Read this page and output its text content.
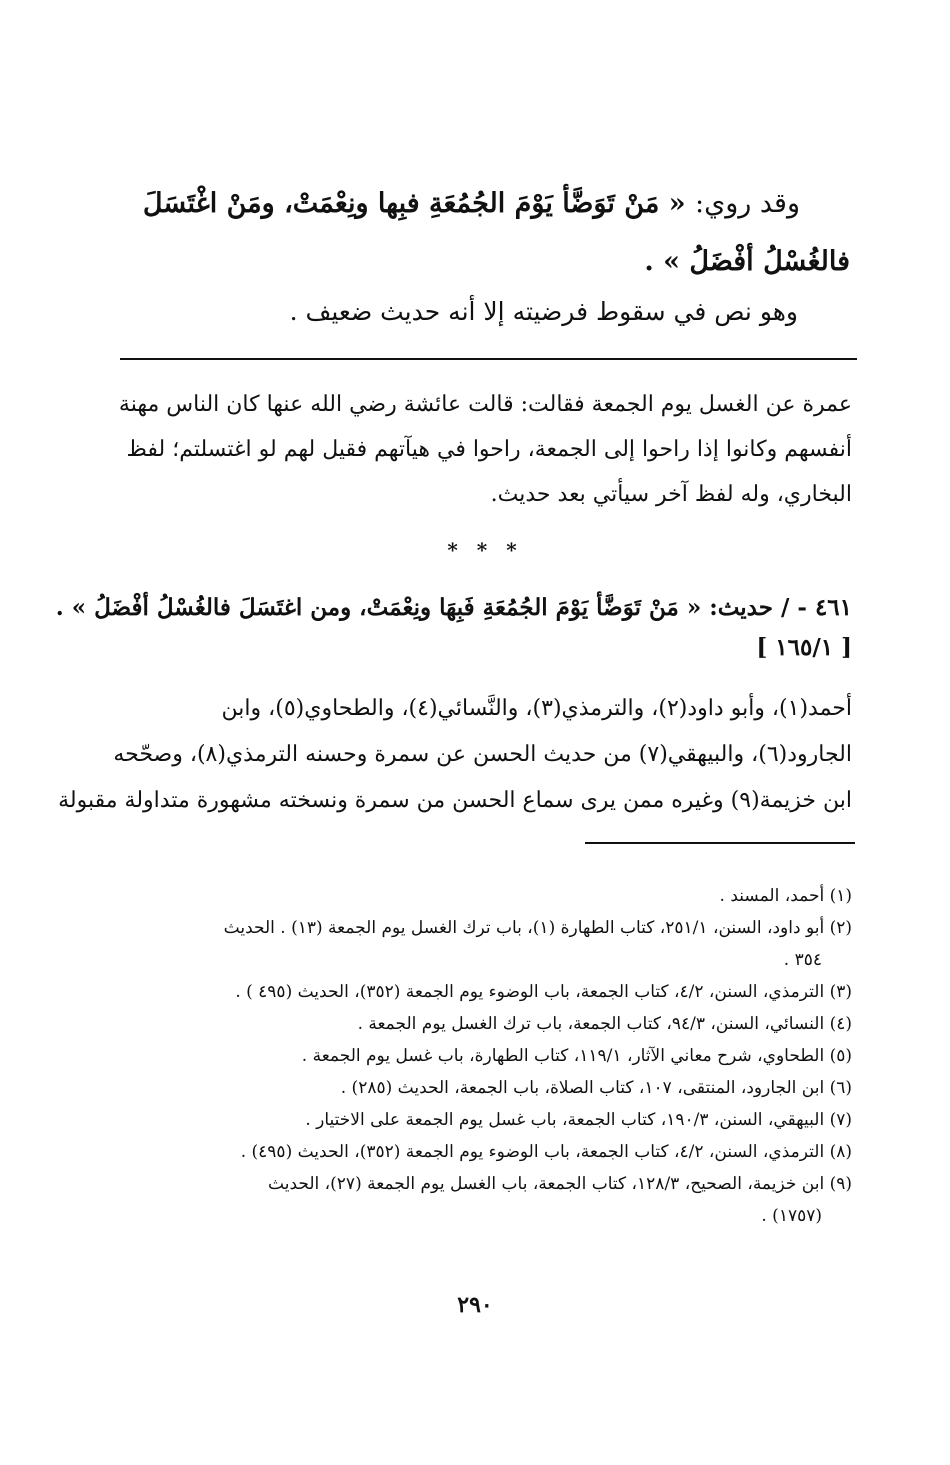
وقد روي: « مَنْ تَوَضَّأ يَوْمَ الجُمُعَةِ فبِها ونِعْمَتْ، ومَنْ اغْتَسَلَ
فالغُسْلُ أفْضَلُ » .
وهو نص في سقوط فرضيته إلا أنه حديث ضعيف .
عمرة عن الغسل يوم الجمعة فقالت: قالت عائشة رضي الله عنها كان الناس مهنة
أنفسهم وكانوا إذا راحوا إلى الجمعة، راحوا في هيآتهم فقيل لهم لو اغتسلتم؛ لفظ
البخاري، وله لفظ آخر سيأتي بعد حديث.
* * *
٤٦١ - / حديث: « مَنْ تَوَضَّأ يَوْمَ الجُمُعَةِ فَبِهَا ونِعْمَتْ، ومن اغتَسَلَ فالغُسْلُ أفْضَلُ » .
[ ١٦٥/١ ]
أحمد(١)، وأبو داود(٢)، والترمذي(٣)، والنَّسائي(٤)، والطحاوي(٥)، وابن
الجارود(٦)، والبيهقي(٧) من حديث الحسن عن سمرة وحسنه الترمذي(٨)، وصحّحه
ابن خزيمة(٩) وغيره ممن يرى سماع الحسن من سمرة ونسخته مشهورة متداولة مقبولة
(١) أحمد، المسند .
(٢) أبو داود، السنن، ٢٥١/١، كتاب الطهارة (١)، باب ترك الغسل يوم الجمعة (١٣) . الحديث
٣٥٤ .
(٣) الترمذي، السنن، ٤/٢، كتاب الجمعة، باب الوضوء يوم الجمعة (٣٥٢)، الحديث (٤٩٥ ) .
(٤) النسائي، السنن، ٩٤/٣، كتاب الجمعة، باب ترك الغسل يوم الجمعة .
(٥) الطحاوي، شرح معاني الآثار، ١١٩/١، كتاب الطهارة، باب غسل يوم الجمعة .
(٦) ابن الجارود، المنتقى، ١٠٧، كتاب الصلاة، باب الجمعة، الحديث (٢٨٥) .
(٧) البيهقي، السنن، ١٩٠/٣، كتاب الجمعة، باب غسل يوم الجمعة على الاختيار .
(٨) الترمذي، السنن، ٤/٢، كتاب الجمعة، باب الوضوء يوم الجمعة (٣٥٢)، الحديث (٤٩٥) .
(٩) ابن خزيمة، الصحيح، ١٢٨/٣، كتاب الجمعة، باب الغسل يوم الجمعة (٢٧)، الحديث
(١٧٥٧) .
٢٩٠
